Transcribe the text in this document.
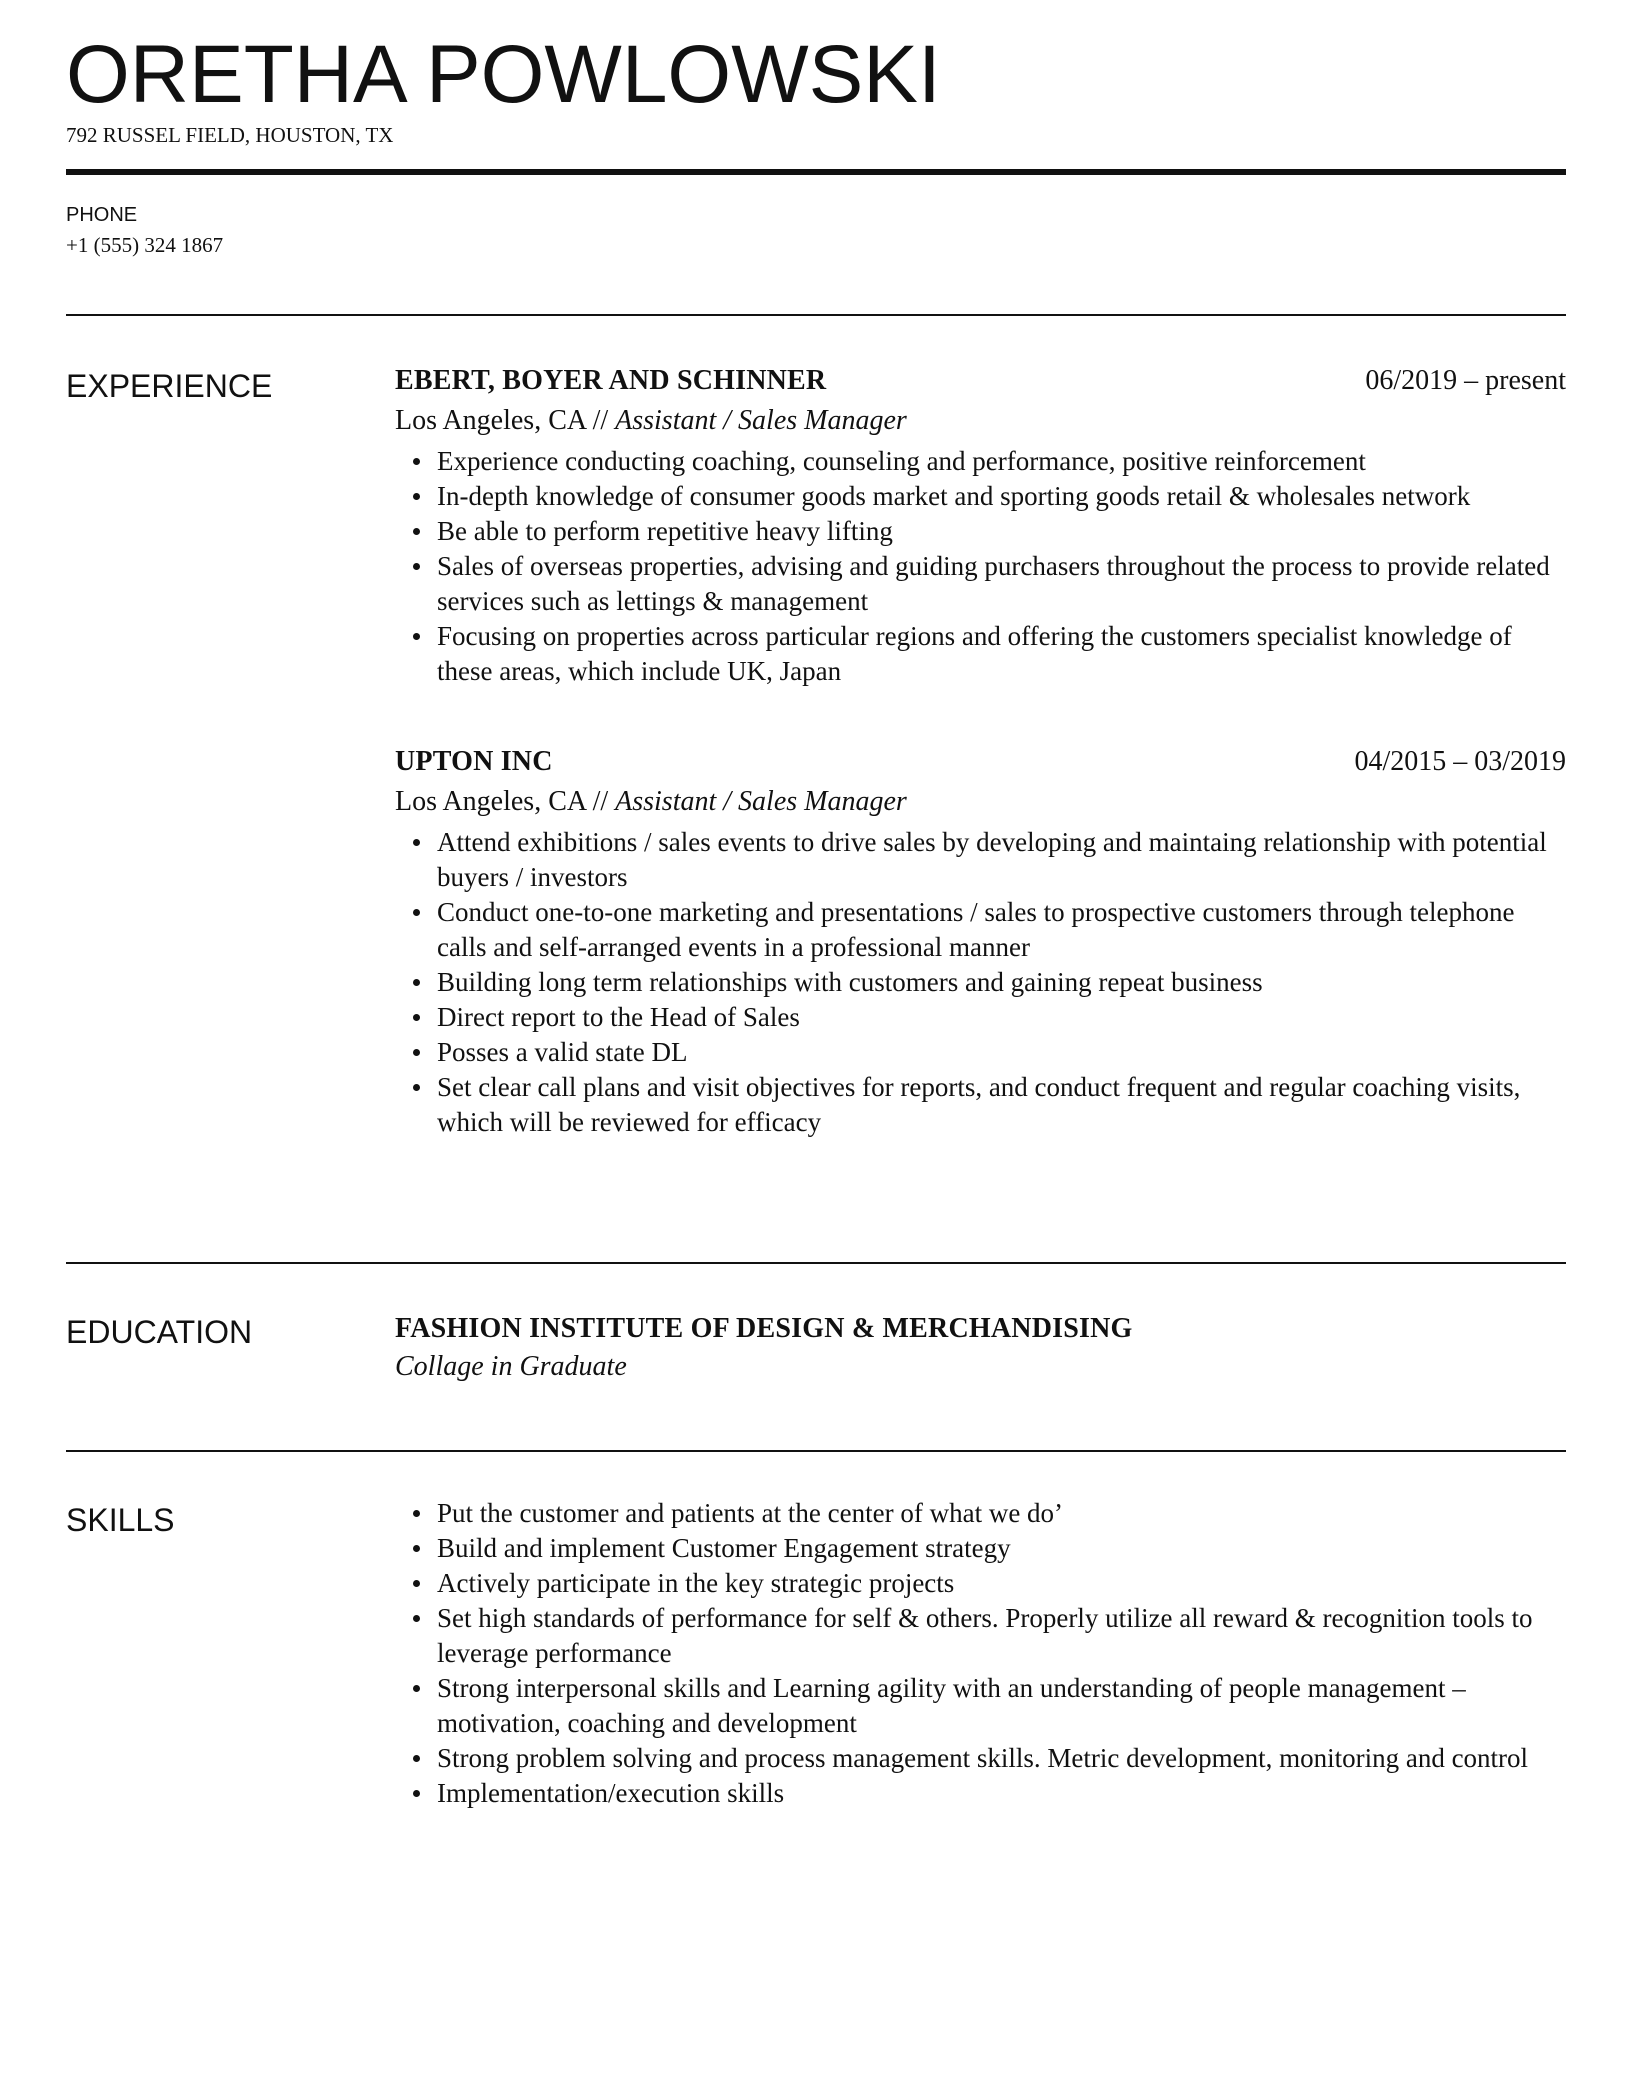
ORETHA POWLOWSKI
792 RUSSEL FIELD, HOUSTON, TX
PHONE
+1 (555) 324 1867
EXPERIENCE	EBERT, BOYER AND SCHINNER	06/2019 – present
Los Angeles, CA // Assistant / Sales Manager
Experience conducting coaching, counseling and performance, positive reinforcement
In-depth knowledge of consumer goods market and sporting goods retail & wholesales network
Be able to perform repetitive heavy lifting
Sales of overseas properties, advising and guiding purchasers throughout the process to provide related services such as lettings & management
Focusing on properties across particular regions and offering the customers specialist knowledge of these areas, which include UK, Japan
UPTON INC	04/2015 – 03/2019
Los Angeles, CA // Assistant / Sales Manager
Attend exhibitions / sales events to drive sales by developing and maintaing relationship with potential buyers / investors
Conduct one-to-one marketing and presentations / sales to prospective customers through telephone calls and self-arranged events in a professional manner
Building long term relationships with customers and gaining repeat business
Direct report to the Head of Sales
Posses a valid state DL
Set clear call plans and visit objectives for reports, and conduct frequent and regular coaching visits, which will be reviewed for efficacy
EDUCATION	FASHION INSTITUTE OF DESIGN & MERCHANDISING
Collage in Graduate
SKILLS	Put the customer and patients at the center of what we do’
Build and implement Customer Engagement strategy
Actively participate in the key strategic projects
Set high standards of performance for self & others. Properly utilize all reward & recognition tools to leverage performance
Strong interpersonal skills and Learning agility with an understanding of people management – motivation, coaching and development
Strong problem solving and process management skills. Metric development, monitoring and control
Implementation/execution skills
